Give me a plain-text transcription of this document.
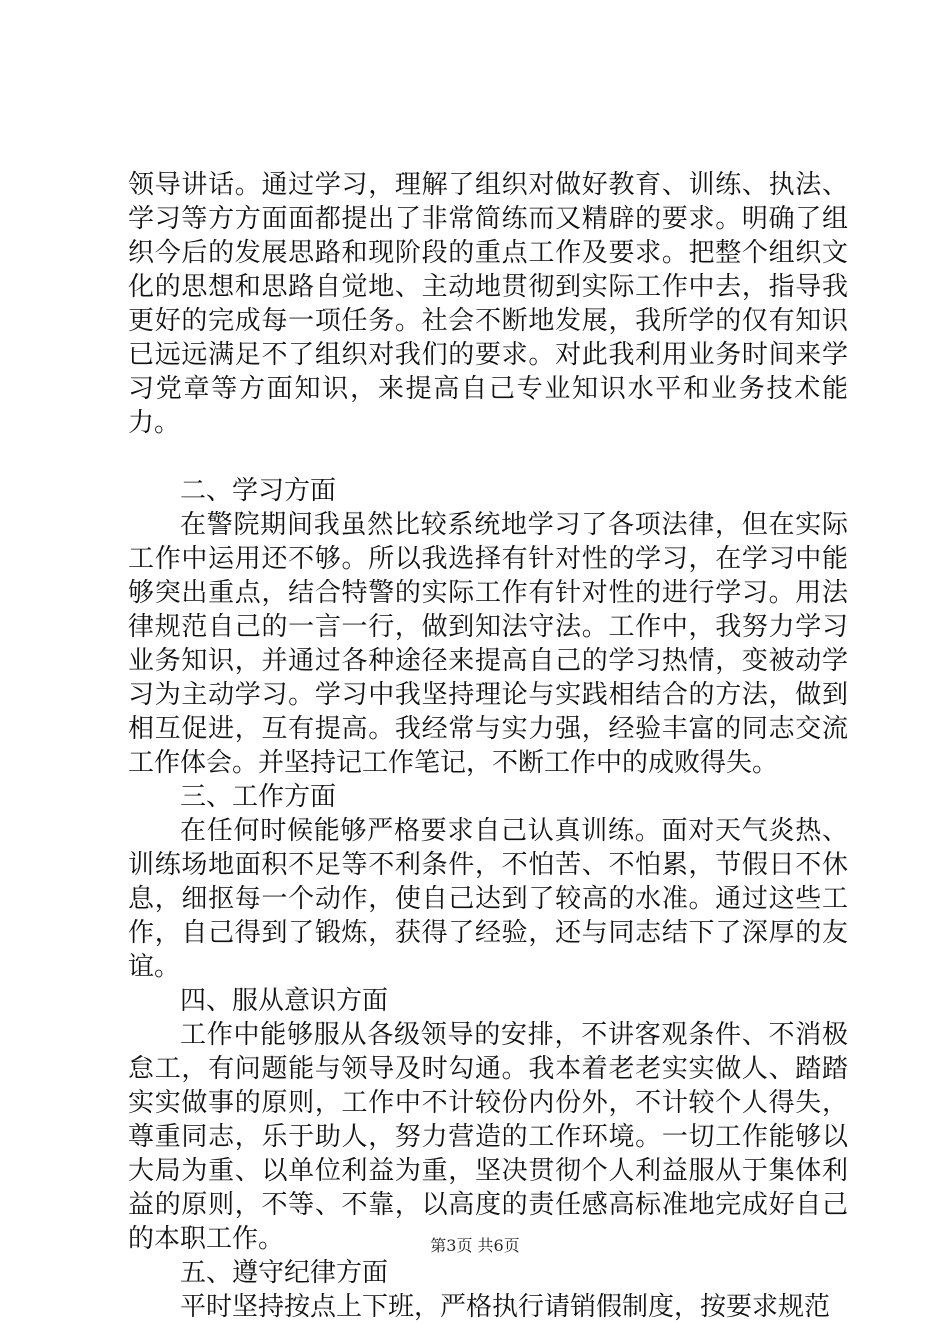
领导讲话。通过学习，理解了组织对做好教育、训练、执法、学习等方方面面都提出了非常简练而又精辟的要求。明确了组织今后的发展思路和现阶段的重点工作及要求。把整个组织文化的思想和思路自觉地、主动地贯彻到实际工作中去，指导我更好的完成每一项任务。社会不断地发展，我所学的仅有知识已远远满足不了组织对我们的要求。对此我利用业务时间来学习党章等方面知识，来提高自己专业知识水平和业务技术能力。

二、学习方面

在警院期间我虽然比较系统地学习了各项法律，但在实际工作中运用还不够。所以我选择有针对性的学习，在学习中能够突出重点，结合特警的实际工作有针对性的进行学习。用法律规范自己的一言一行，做到知法守法。工作中，我努力学习业务知识，并通过各种途径来提高自己的学习热情，变被动学习为主动学习。学习中我坚持理论与实践相结合的方法，做到相互促进，互有提高。我经常与实力强，经验丰富的同志交流工作体会。并坚持记工作笔记，不断工作中的成败得失。

三、工作方面

在任何时候能够严格要求自己认真训练。面对天气炎热、训练场地面积不足等不利条件，不怕苦、不怕累，节假日不休息，细抠每一个动作，使自己达到了较高的水准。通过这些工作，自己得到了锻炼，获得了经验，还与同志结下了深厚的友谊。

四、服从意识方面

工作中能够服从各级领导的安排，不讲客观条件、不消极怠工，有问题能与领导及时勾通。我本着老老实实做人、踏踏实实做事的原则，工作中不计较份内份外，不计较个人得失，尊重同志，乐于助人，努力营造的工作环境。一切工作能够以大局为重、以单位利益为重，坚决贯彻个人利益服从于集体利益的原则，不等、不靠，以高度的责任感高标准地完成好自己的本职工作。

五、遵守纪律方面

平时坚持按点上下班，严格执行请销假制度，按要求规范

第3页 共6页
